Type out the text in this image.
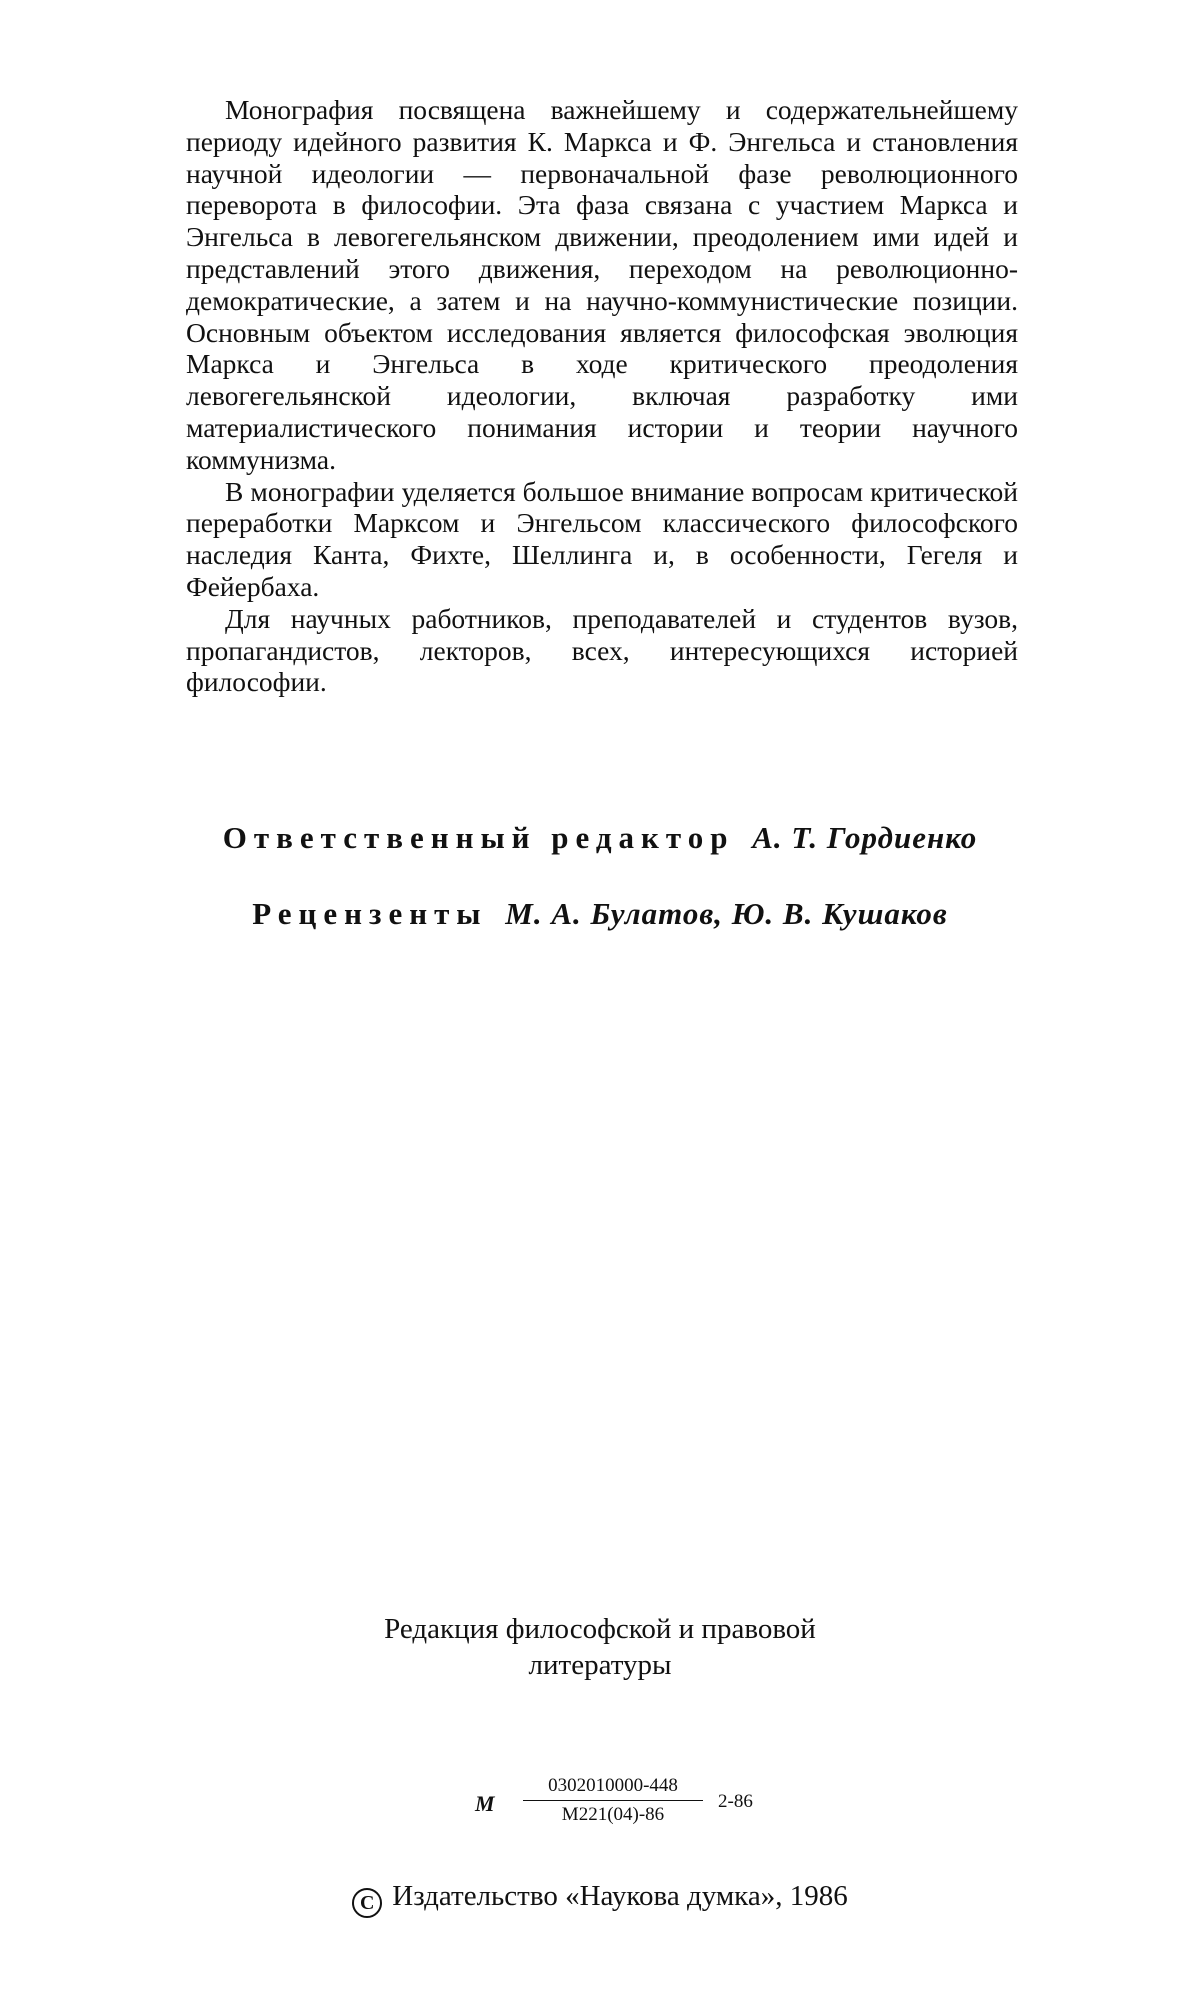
Монография посвящена важнейшему и содержательнейшему периоду идейного развития К. Маркса и Ф. Энгельса и становления научной идеологии — первоначальной фазе революционного переворота в философии. Эта фаза связана с участием Маркса и Энгельса в левогегельянском движении, преодолением ими идей и представлений этого движения, переходом на революционно-демократические, а затем и на научно-коммунистические позиции. Основным объектом исследования является философская эволюция Маркса и Энгельса в ходе критического преодоления левогегельянской идеологии, включая разработку ими материалистического понимания истории и теории научного коммунизма.

В монографии уделяется большое внимание вопросам критической переработки Марксом и Энгельсом классического философского наследия Канта, Фихте, Шеллинга и, в особенности, Гегеля и Фейербаха.

Для научных работников, преподавателей и студентов вузов, пропагандистов, лекторов, всех, интересующихся историей философии.

Ответственный редактор А. Т. Гордиенко
Рецензенты М. А. Булатов, Ю. В. Кушаков
Редакция философской и правовой
литературы
М
0302010000-448
М221(04)-86
2-86
C Издательство «Наукова думка», 1986
